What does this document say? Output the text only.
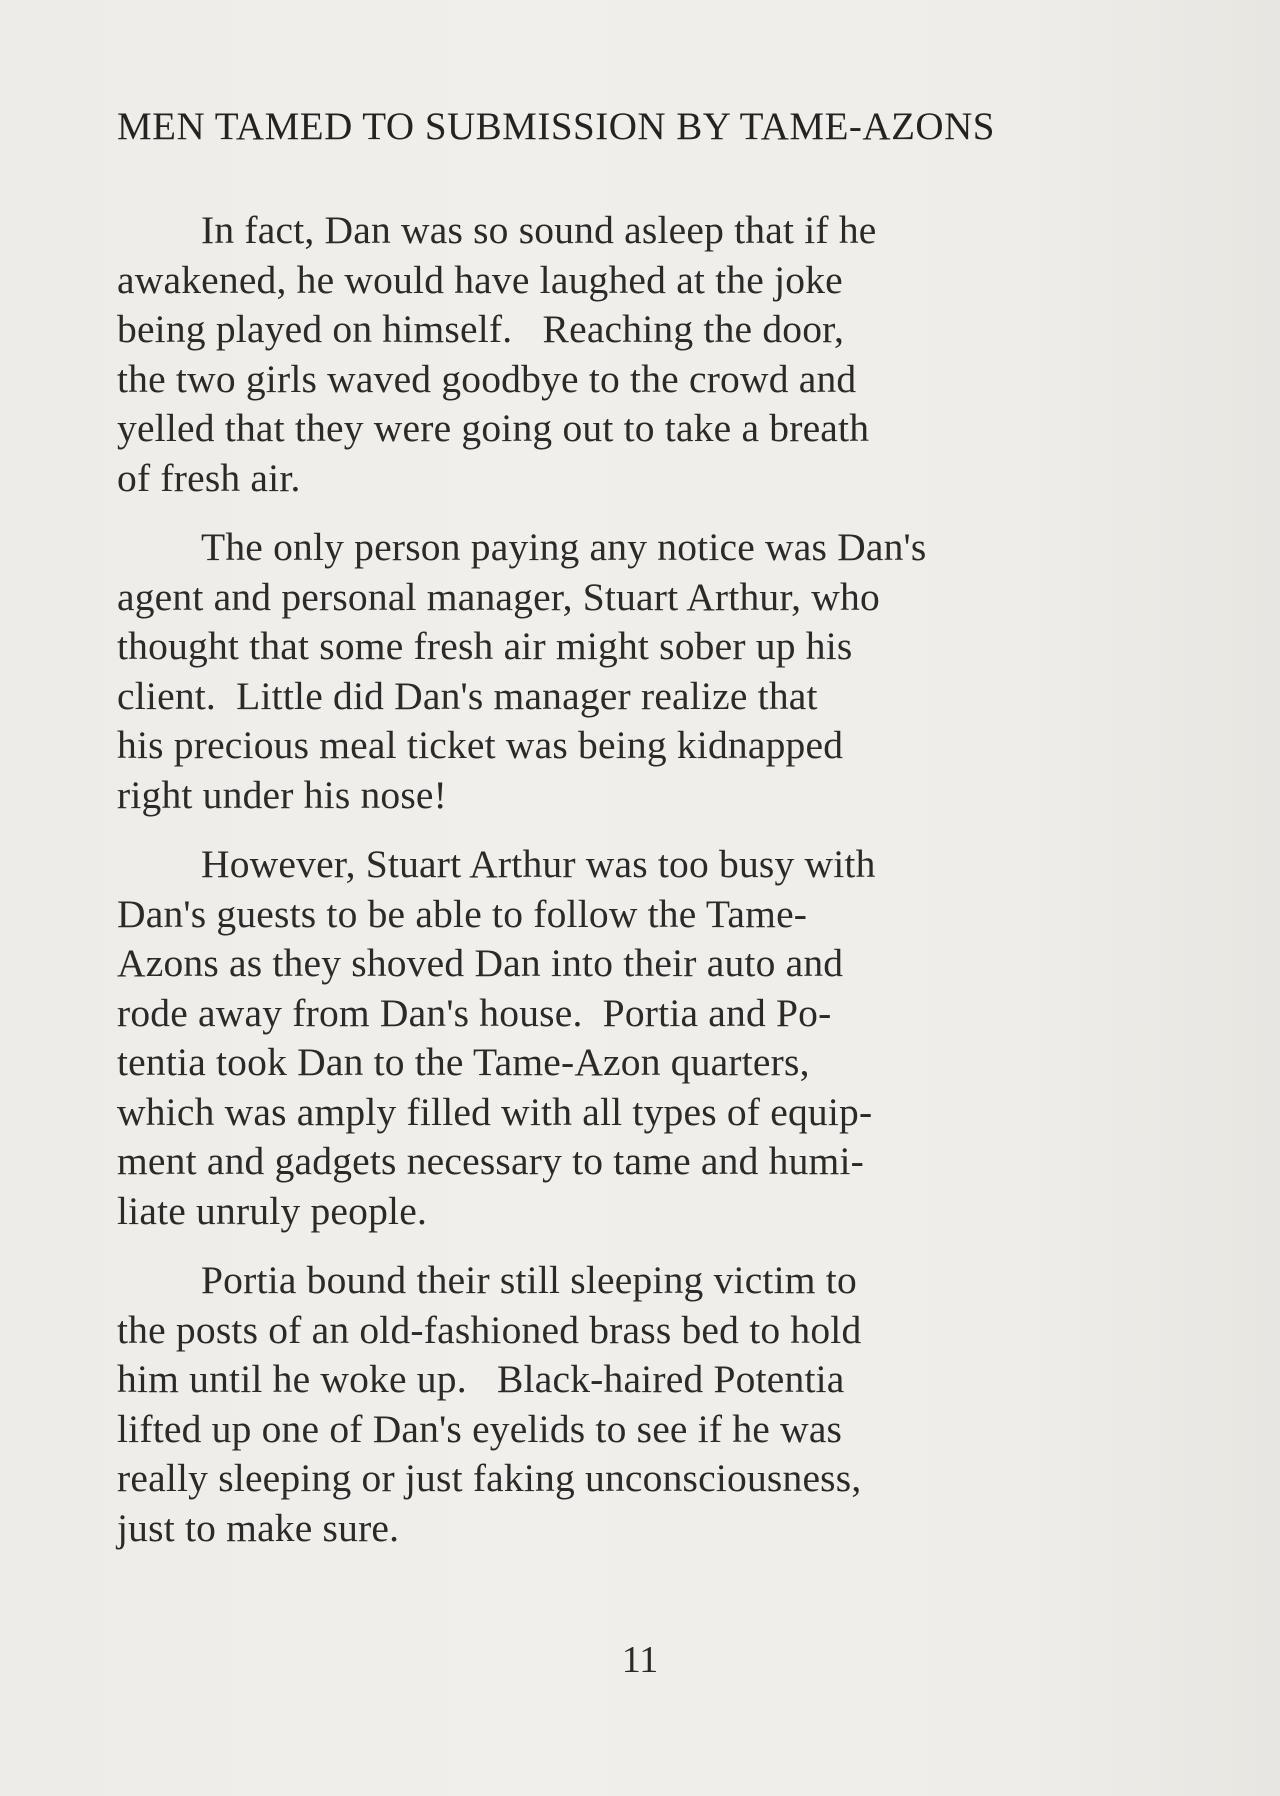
MEN TAMED TO SUBMISSION BY TAME-AZONS

In fact, Dan was so sound asleep that if he
awakened, he would have laughed at the joke
being played on himself.   Reaching the door,
the two girls waved goodbye to the crowd and
yelled that they were going out to take a breath
of fresh air.

The only person paying any notice was Dan's
agent and personal manager, Stuart Arthur, who
thought that some fresh air might sober up his
client.  Little did Dan's manager realize that
his precious meal ticket was being kidnapped
right under his nose!

However, Stuart Arthur was too busy with
Dan's guests to be able to follow the Tame-
Azons as they shoved Dan into their auto and
rode away from Dan's house.  Portia and Po-
tentia took Dan to the Tame-Azon quarters,
which was amply filled with all types of equip-
ment and gadgets necessary to tame and humi-
liate unruly people.

Portia bound their still sleeping victim to
the posts of an old-fashioned brass bed to hold
him until he woke up.   Black-haired Potentia
lifted up one of Dan's eyelids to see if he was
really sleeping or just faking unconsciousness,
just to make sure.

11
